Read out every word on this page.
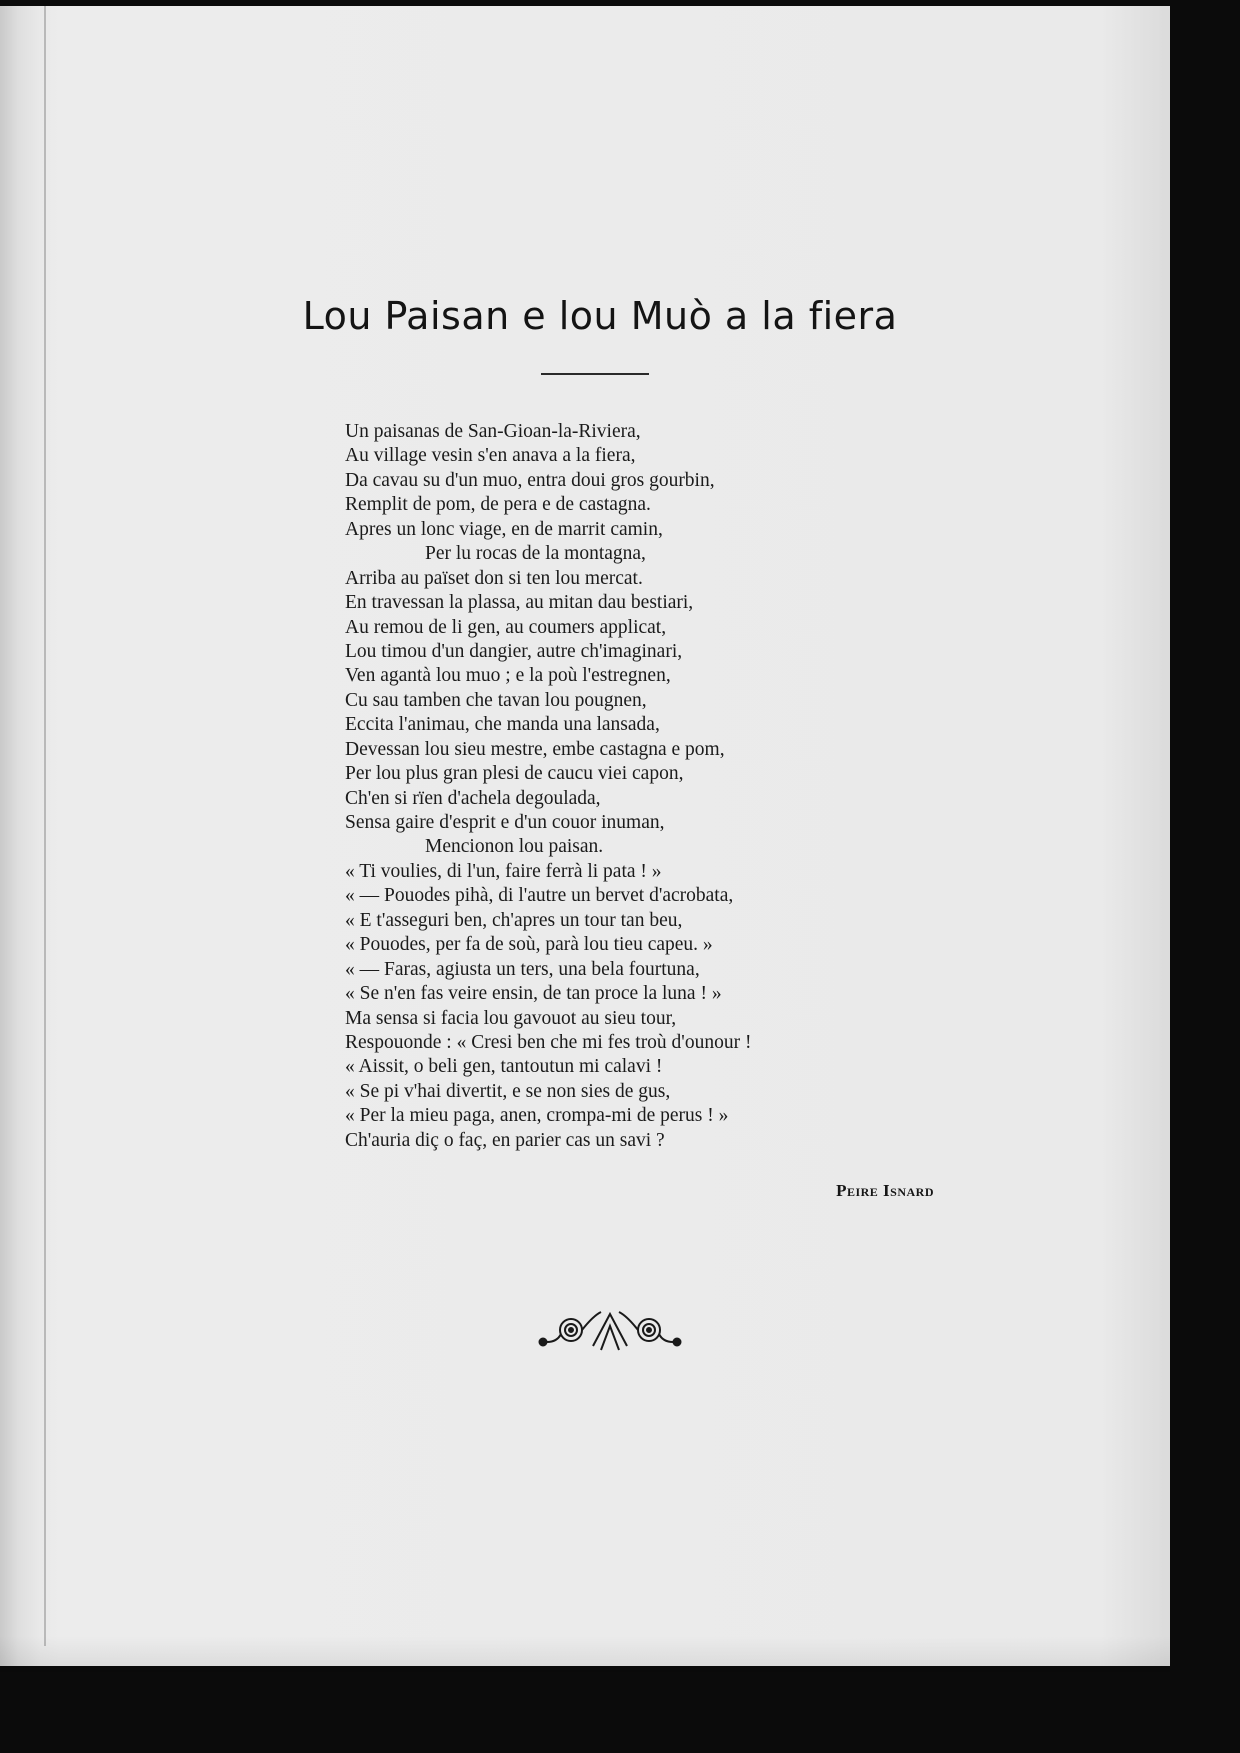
Lou Paisan e lou Muò a la fiera
Un paisanas de San-Gioan-la-Riviera,
Au village vesin s'en anava a la fiera,
Da cavau su d'un muo, entra doui gros gourbin,
Remplit de pom, de pera e de castagna.
Apres un lonc viage, en de marrit camin,
Per lu rocas de la montagna,
Arriba au païset don si ten lou mercat.
En travessan la plassa, au mitan dau bestiari,
Au remou de li gen, au coumers applicat,
Lou timou d'un dangier, autre ch'imaginari,
Ven agantà lou muo ; e la poù l'estregnen,
Cu sau tamben che tavan lou pougnen,
Eccita l'animau, che manda una lansada,
Devessan lou sieu mestre, embe castagna e pom,
Per lou plus gran plesi de caucu viei capon,
Ch'en si rïen d'achela degoulada,
Sensa gaire d'esprit e d'un couor inuman,
Mencionon lou paisan.
« Ti voulies, di l'un, faire ferrà li pata ! »
« — Pouodes pihà, di l'autre un bervet d'acrobata,
« E t'asseguri ben, ch'apres un tour tan beu,
« Pouodes, per fa de soù, parà lou tieu capeu. »
« — Faras, agiusta un ters, una bela fourtuna,
« Se n'en fas veire ensin, de tan proce la luna ! »
Ma sensa si facia lou gavouot au sieu tour,
Respouonde : « Cresi ben che mi fes troù d'ounour !
« Aissit, o beli gen, tantoutun mi calavi !
« Se pi v'hai divertit, e se non sies de gus,
« Per la mieu paga, anen, crompa-mi de perus ! »
Ch'auria diç o faç, en parier cas un savi ?
Peire Isnard
